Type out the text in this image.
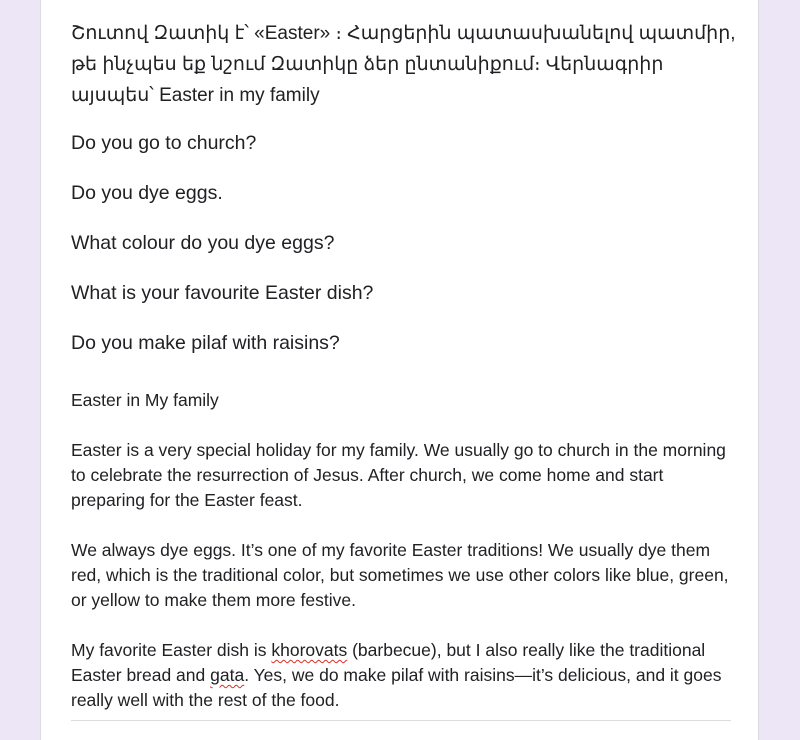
Շուտով Զատիկ է՝ «Easter» ։ Հարցերին պատասխանելով պատմիր, թե ինչպես եք նշում Զատիկը ձեր ընտանիքում։ Վերնագրիր այսպես՝ Easter in my family

Do you go to church?
Do you dye eggs.
What colour do you dye eggs?
What is your favourite Easter dish?
Do you make pilaf with raisins?

Easter in My family

Easter is a very special holiday for my family. We usually go to church in the morning to celebrate the resurrection of Jesus. After church, we come home and start preparing for the Easter feast.

We always dye eggs. It’s one of my favorite Easter traditions! We usually dye them red, which is the traditional color, but sometimes we use other colors like blue, green, or yellow to make them more festive.

My favorite Easter dish is khorovats (barbecue), but I also really like the traditional Easter bread and gata. Yes, we do make pilaf with raisins—it’s delicious, and it goes really well with the rest of the food.
